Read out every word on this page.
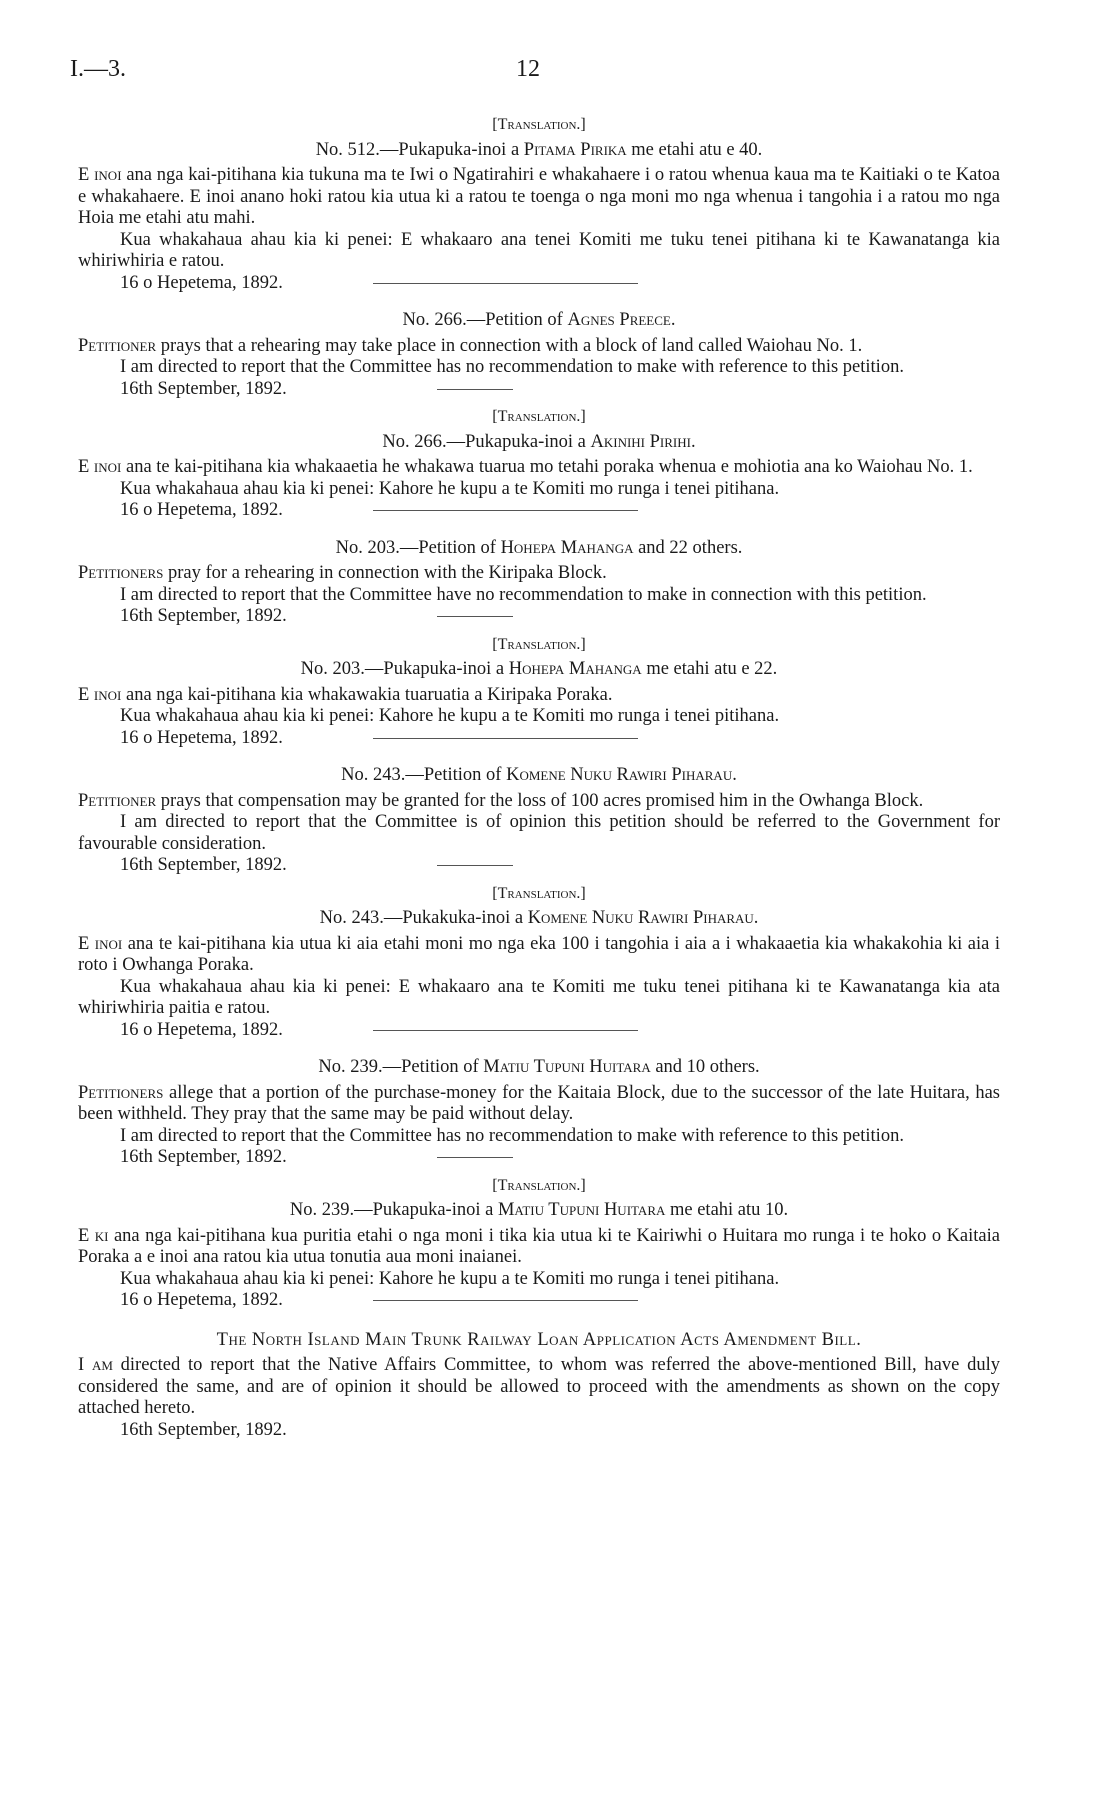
I.—3.	12
[Translation.]
No. 512.—Pukapuka-inoi a Pitama Pirika me etahi atu e 40.

E inoi ana nga kai-pitihana kia tukuna ma te Iwi o Ngatirahiri e whakahaere i o ratou whenua kaua ma te Kaitiaki o te Katoa e whakahaere. E inoi anano hoki ratou kia utua ki a ratou te toenga o nga moni mo nga whenua i tangohia i a ratou mo nga Hoia me etahi atu mahi.

Kua whakahaua ahau kia ki penei: E whakaaro ana tenei Komiti me tuku tenei pitihana ki te Kawanatanga kia whiriwhiria e ratou.

16 o Hepetema, 1892.
No. 266.—Petition of Agnes Preece.

Petitioner prays that a rehearing may take place in connection with a block of land called Waiohau No. 1.

I am directed to report that the Committee has no recommendation to make with reference to this petition.

16th September, 1892.
[Translation.]
No. 266.—Pukapuka-inoi a Akinihi Pirihi.

E inoi ana te kai-pitihana kia whakaaetia he whakawa tuarua mo tetahi poraka whenua e mohiotia ana ko Waiohau No. 1.

Kua whakahaua ahau kia ki penei: Kahore he kupu a te Komiti mo runga i tenei pitihana.

16 o Hepetema, 1892.
No. 203.—Petition of Hohepa Mahanga and 22 others.

Petitioners pray for a rehearing in connection with the Kiripaka Block.

I am directed to report that the Committee have no recommendation to make in connection with this petition.

16th September, 1892.
[Translation.]
No. 203.—Pukapuka-inoi a Hohepa Mahanga me etahi atu e 22.

E inoi ana nga kai-pitihana kia whakawakia tuaruatia a Kiripaka Poraka.

Kua whakahaua ahau kia ki penei: Kahore he kupu a te Komiti mo runga i tenei pitihana.

16 o Hepetema, 1892.
No. 243.—Petition of Komene Nuku Rawiri Piharau.

Petitioner prays that compensation may be granted for the loss of 100 acres promised him in the Owhanga Block.

I am directed to report that the Committee is of opinion this petition should be referred to the Government for favourable consideration.

16th September, 1892.
[Translation.]
No. 243.—Pukakuka-inoi a Komene Nuku Rawiri Piharau.

E inoi ana te kai-pitihana kia utua ki aia etahi moni mo nga eka 100 i tangohia i aia a i whakaaetia kia whakakohia ki aia i roto i Owhanga Poraka.

Kua whakahaua ahau kia ki penei: E whakaaro ana te Komiti me tuku tenei pitihana ki te Kawanatanga kia ata whiriwhiria paitia e ratou.

16 o Hepetema, 1892.
No. 239.—Petition of Matiu Tupuni Huitara and 10 others.

Petitioners allege that a portion of the purchase-money for the Kaitaia Block, due to the successor of the late Huitara, has been withheld. They pray that the same may be paid without delay.

I am directed to report that the Committee has no recommendation to make with reference to this petition.

16th September, 1892.
[Translation.]
No. 239.—Pukapuka-inoi a Matiu Tupuni Huitara me etahi atu 10.

E ki ana nga kai-pitihana kua puritia etahi o nga moni i tika kia utua ki te Kairiwhi o Huitara mo runga i te hoko o Kaitaia Poraka a e inoi ana ratou kia utua tonutia aua moni inaianei.

Kua whakahaua ahau kia ki penei: Kahore he kupu a te Komiti mo runga i tenei pitihana.

16 o Hepetema, 1892.
The North Island Main Trunk Railway Loan Application Acts Amendment Bill.

I am directed to report that the Native Affairs Committee, to whom was referred the above-mentioned Bill, have duly considered the same, and are of opinion it should be allowed to proceed with the amendments as shown on the copy attached hereto.

16th September, 1892.
